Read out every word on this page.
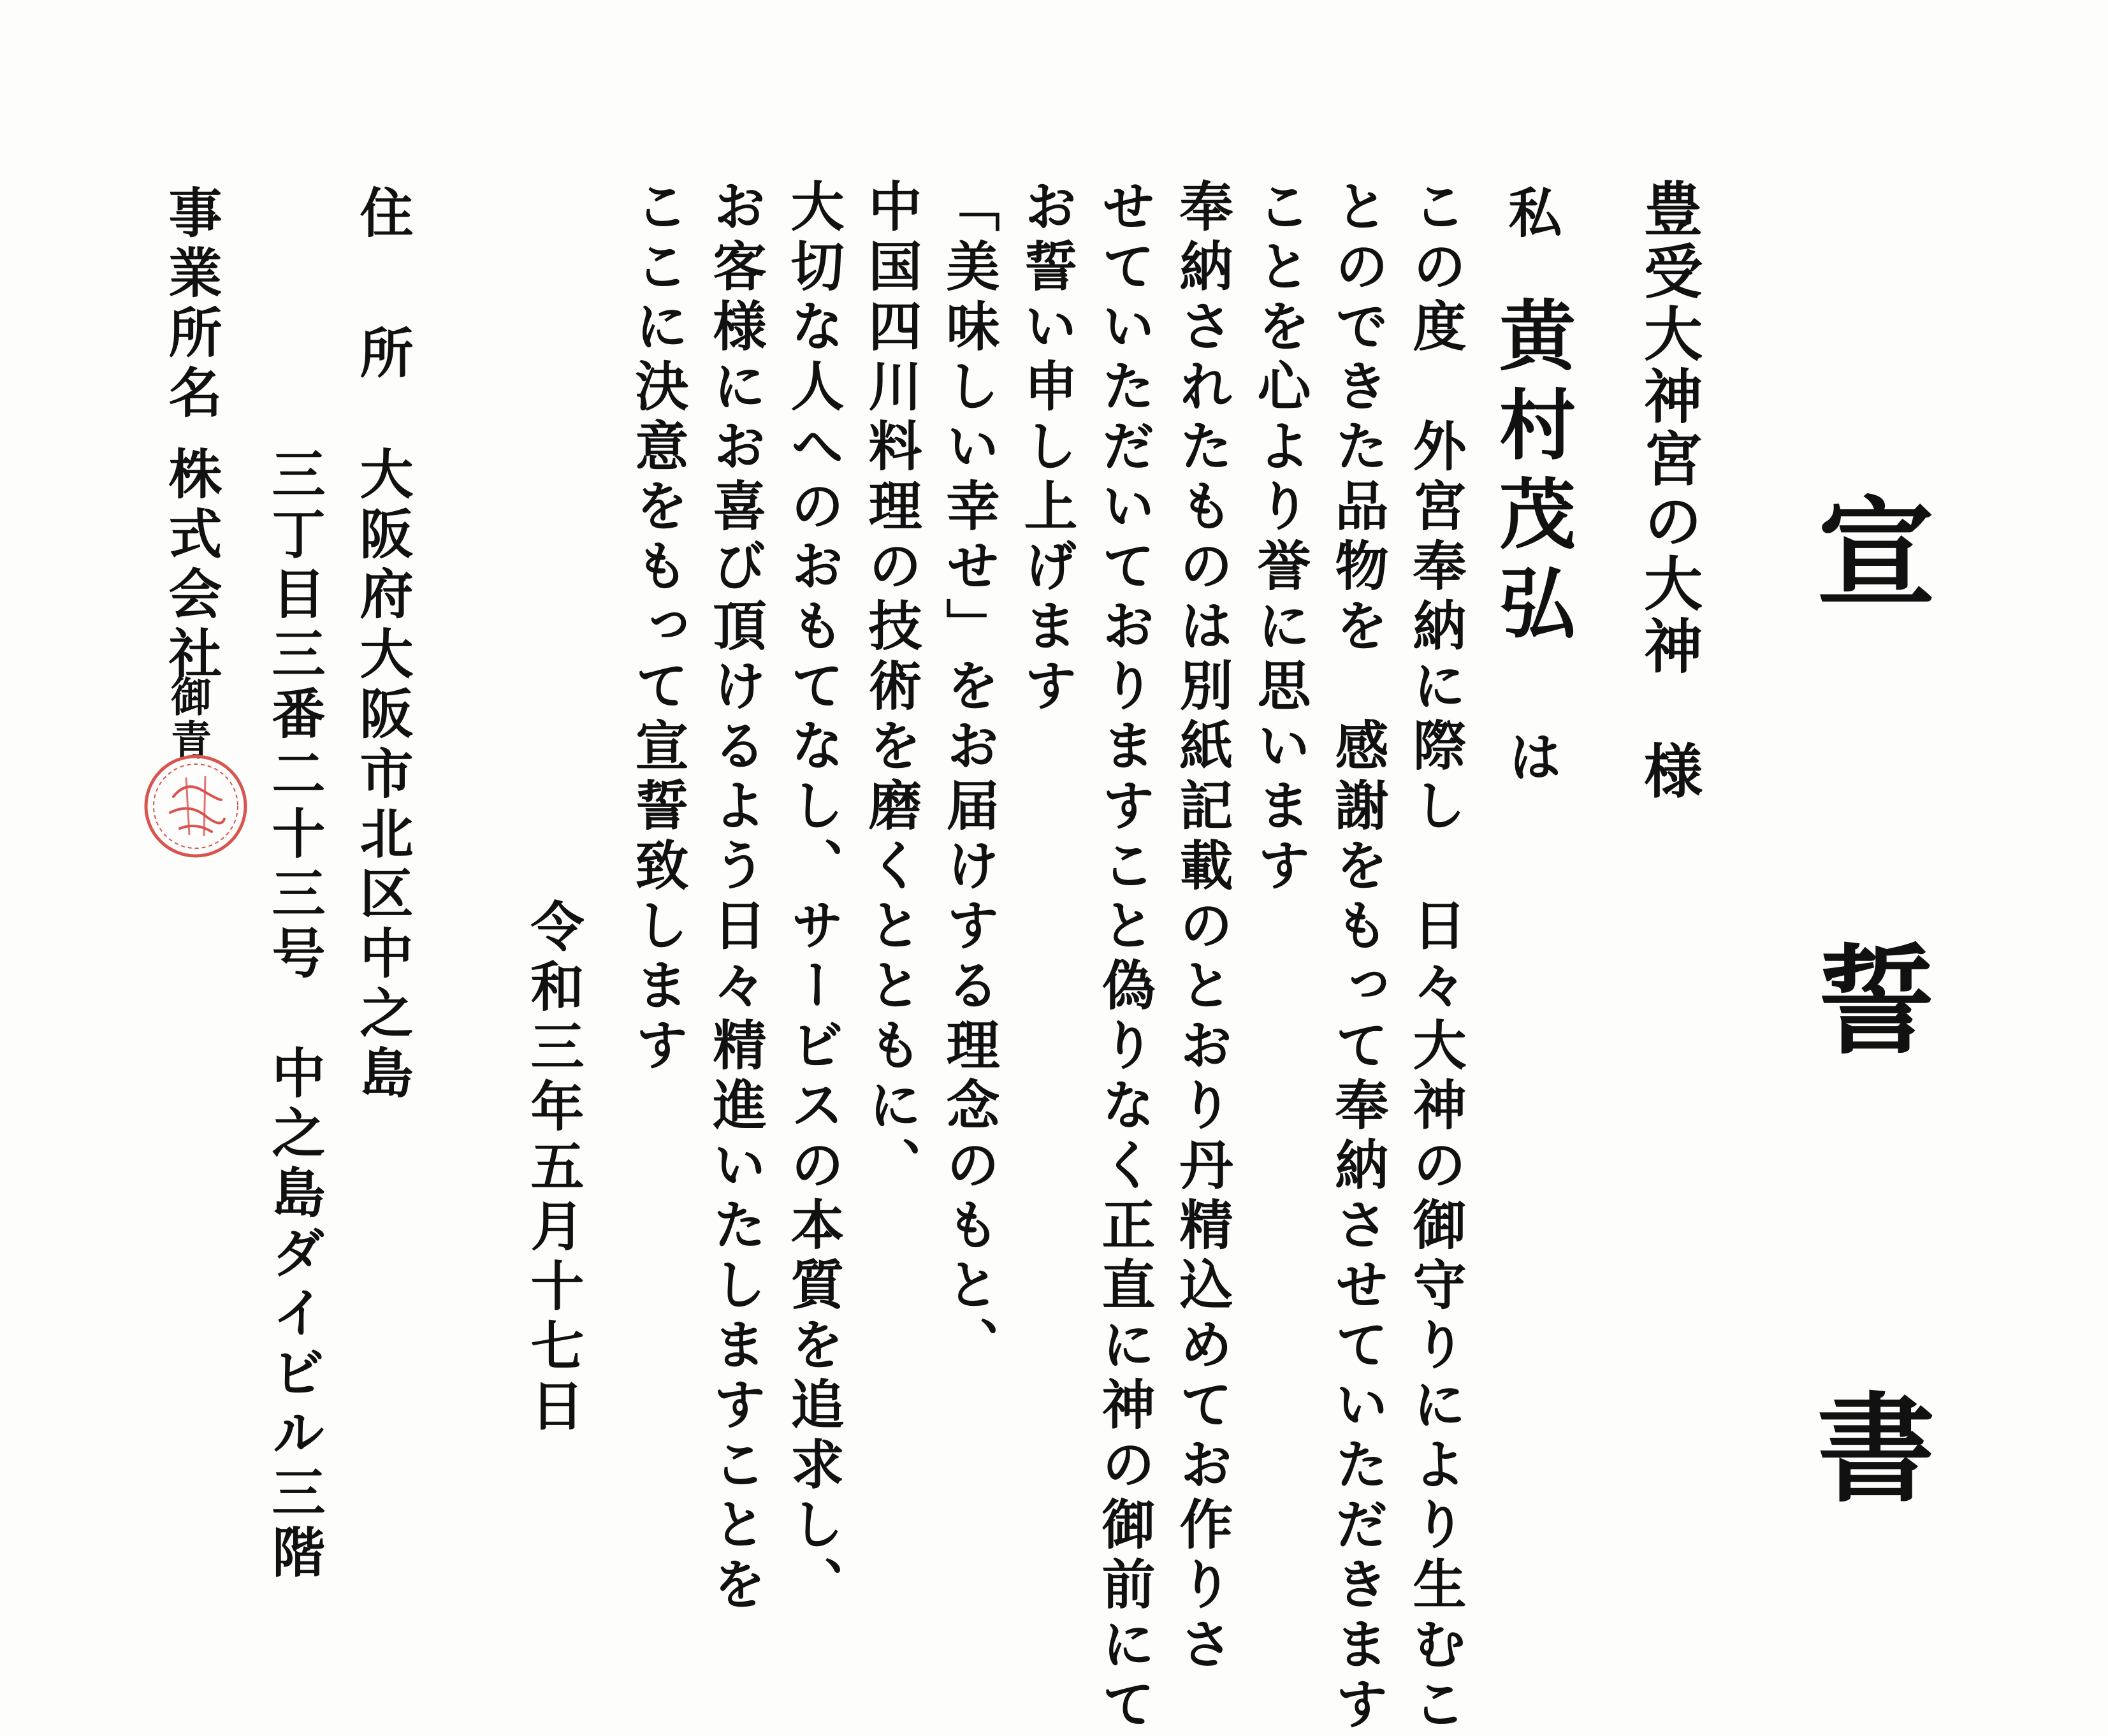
宣 誓 書
豊受大神宮の大神　様
私黄村茂弘は
この度　外宮奉納に際し　日々大神の御守りにより生むこ
とのできた品物を　感謝をもって奉納させていただきます
ことを心より誉に思います
奉納されたものは別紙記載のとおり丹精込めてお作りさ
せていただいておりますこと偽りなく正直に神の御前にて
お誓い申し上げます
「美味しい幸せ」をお届けする理念のもと、
中国四川料理の技術を磨くとともに、
大切な人へのおもてなし、サービスの本質を追求し、
お客様にお喜び頂けるよう日々精進いたしますことを
ここに決意をもって宣誓致します
令和三年五月十七日
住
所
大阪府大阪市北区中之島
三丁目三番二十三号　中之島ダイビル三階
事業所名
株式会社
御青
